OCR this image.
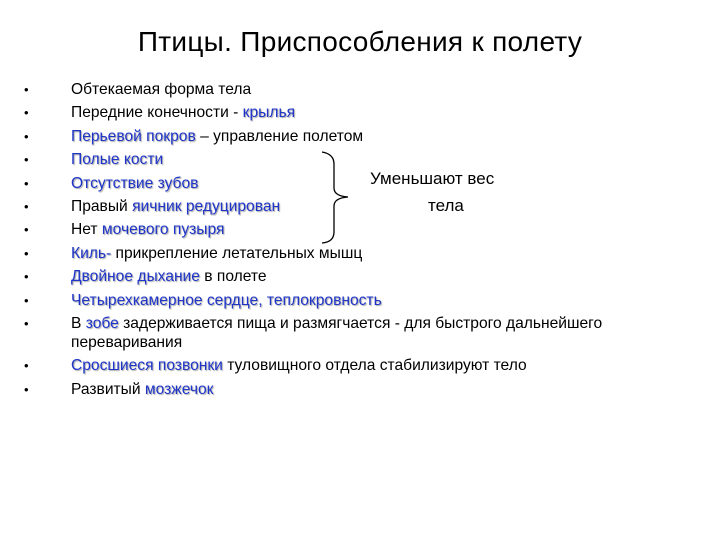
Птицы. Приспособления к полету
•	Обтекаемая форма тела
•	Передние конечности - крылья
•	Перьевой покров – управление полетом
•	Полые кости
•	Отсутствие зубов
•	Правый яичник редуцирован
•	Нет мочевого пузыря
•	Киль- прикрепление летательных мышц
•	Двойное дыхание в полете
•	Четырехкамерное сердце, теплокровность
•	В зобе задерживается пища и размягчается - для быстрого дальнейшего переваривания
•	Сросшиеся позвонки туловищного отдела стабилизируют тело
•	Развитый мозжечок
Уменьшают вес
тела
